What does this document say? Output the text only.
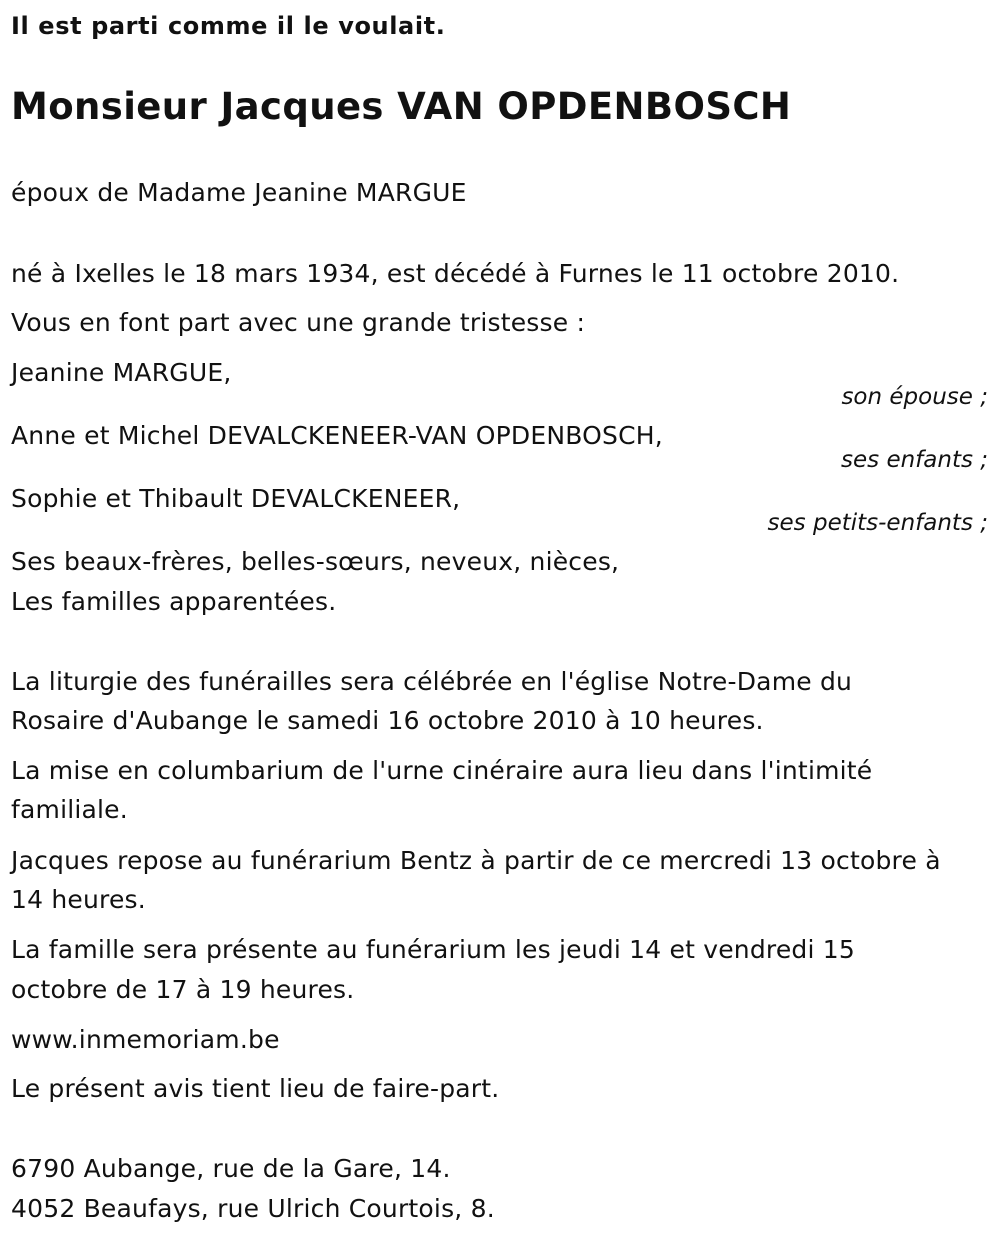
Il est parti comme il le voulait.
Monsieur Jacques VAN OPDENBOSCH
époux de Madame Jeanine MARGUE
né à Ixelles le 18 mars 1934, est décédé à Furnes le 11 octobre 2010.
Vous en font part avec une grande tristesse :
Jeanine MARGUE,
son épouse ;
Anne et Michel DEVALCKENEER-VAN OPDENBOSCH,
ses enfants ;
Sophie et Thibault DEVALCKENEER,
ses petits-enfants ;
Ses beaux-frères, belles-sœurs, neveux, nièces,
Les familles apparentées.
La liturgie des funérailles sera célébrée en l'église Notre-Dame du
Rosaire d'Aubange le samedi 16 octobre 2010 à 10 heures.
La mise en columbarium de l'urne cinéraire aura lieu dans l'intimité
familiale.
Jacques repose au funérarium Bentz à partir de ce mercredi 13 octobre à
14 heures.
La famille sera présente au funérarium les jeudi 14 et vendredi 15
octobre de 17 à 19 heures.
www.inmemoriam.be
Le présent avis tient lieu de faire-part.
6790 Aubange, rue de la Gare, 14.
4052 Beaufays, rue Ulrich Courtois, 8.
